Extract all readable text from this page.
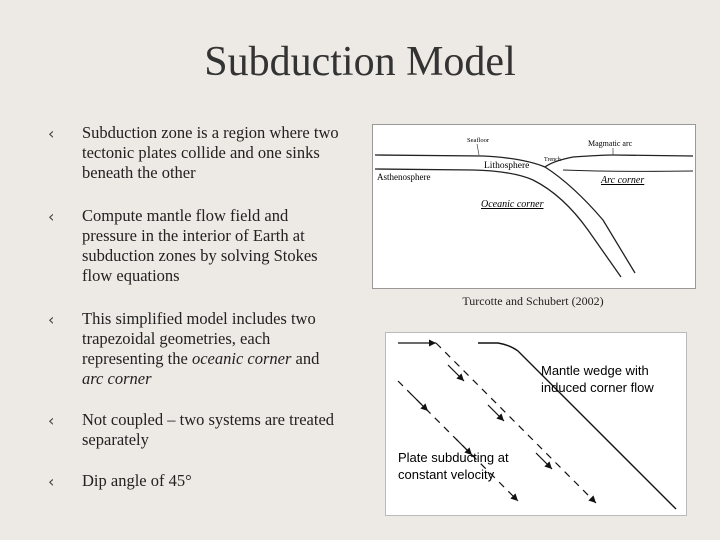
Subduction Model
‹ Subduction zone is a region where two tectonic plates collide and one sinks beneath the other
‹ Compute mantle flow field and pressure in the interior of Earth at subduction zones by solving Stokes flow equations
‹ This simplified model includes two trapezoidal geometries, each representing the oceanic corner and arc corner
‹ Not coupled – two systems are treated separately
‹ Dip angle of 45°
Seafloor	Magmatic arc
Trench
Lithosphere
Asthenosphere	Arc corner
Oceanic corner
Turcotte and Schubert (2002)
Mantle wedge with
induced corner flow
Plate subducting at
constant velocity
